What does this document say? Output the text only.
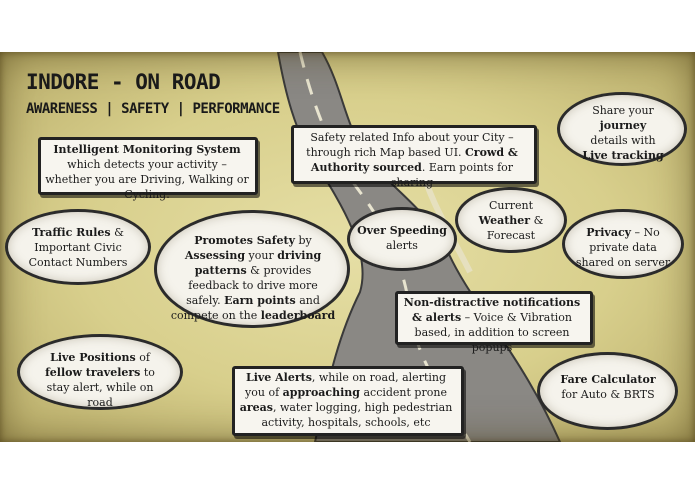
INDORE - ON ROAD
AWARENESS | SAFETY | PERFORMANCE
Intelligent Monitoring System which detects your activity – whether you are Driving, Walking or Cycling.
Safety related Info about your City – through rich Map based UI. Crowd & Authority sourced. Earn points for sharing
Share your journey details with Live tracking
Traffic Rules & Important Civic Contact Numbers
Promotes Safety by Assessing your driving patterns & provides feedback to drive more safely. Earn points and compete on the leaderboard
Over Speeding alerts
Current Weather & Forecast	Privacy – No private data shared on server
Non-distractive notifications & alerts – Voice & Vibration based, in addition to screen popups
Live Positions of fellow travelers to stay alert, while on road
Live Alerts, while on road, alerting you of approaching accident prone areas, water logging, high pedestrian activity, hospitals, schools, etc
Fare Calculator for Auto & BRTS
